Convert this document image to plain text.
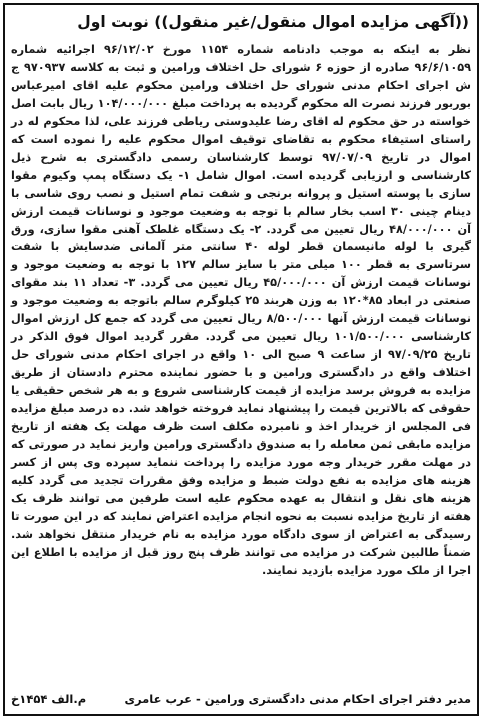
((آگهی مزایده اموال منقول/غیر منقول)) نوبت اول

نظر به اینکه به موجب دادنامه شماره ۱۱۵۴ مورخ ۹۶/۱۲/۰۲ اجرائیه شماره ۹۶/۶/۱۰۵۹ صادره از حوزه ۶ شورای حل اختلاف ورامین و ثبت به کلاسه ۹۷۰۹۳۷ ج ش اجرای احکام مدنی شورای حل اختلاف ورامین محکوم علیه اقای امیرعباس بوربور فرزند نصرت اله محکوم گردیده به پرداخت مبلغ ۱۰۴/۰۰۰/۰۰۰ ریال بابت اصل خواسته در حق محکوم له اقای رضا علیدوستی ریاطی فرزند علی، لذا محکوم له در راستای استیفاء محکوم به تقاضای توقیف اموال محکوم علیه را نموده است که اموال در تاریخ ۹۷/۰۷/۰۹ توسط کارشناسان رسمی دادگستری به شرح ذیل کارشناسی و ارزیابی گردیده است. اموال شامل ۱- یک دستگاه پمپ وکیوم مقوا سازی با پوسته استیل و پروانه برنجی و شفت تمام استیل و نصب روی شاسی با دینام چینی ۳۰ اسب بخار سالم با توجه به وضعیت موجود و نوسانات قیمت ارزش آن ۴۸/۰۰۰/۰۰۰ ریال تعیین می گردد. ۲- یک دستگاه غلطک آهنی مقوا سازی، ورق گیری با لوله مانیسمان قطر لوله ۴۰ سانتی متر آلمانی ضدسایش با شفت سرتاسری به قطر ۱۰۰ میلی متر با سایز سالم ۱۲۷ با توجه به وضعیت موجود و نوسانات قیمت ارزش آن ۴۵/۰۰۰/۰۰۰ ریال تعیین می گردد. ۳- تعداد ۱۱ بند مقوای صنعتی در ابعاد ۸۵*۱۲۰ به وزن هربند ۲۵ کیلوگرم سالم باتوجه به وضعیت موجود و نوسانات قیمت ارزش آنها ۸/۵۰۰/۰۰۰ ریال تعیین می گردد که جمع کل ارزش اموال کارشناسی ۱۰۱/۵۰۰/۰۰۰ ریال تعیین می گردد. مقرر گردید اموال فوق الذکر در تاریخ ۹۷/۰۹/۲۵ از ساعت ۹ صبح الی ۱۰ واقع در اجرای احکام مدنی شورای حل اختلاف واقع در دادگستری ورامین و با حضور نماینده محترم دادستان از طریق مزایده به فروش برسد مزایده از قیمت کارشناسی شروع و به هر شخص حقیقی یا حقوقی که بالاترین قیمت را پیشنهاد نماید فروخته خواهد شد. ده درصد مبلغ مزایده فی المجلس از خریدار اخذ و نامبرده مکلف است ظرف مهلت یک هفته از تاریخ مزایده مابقی ثمن معامله را به صندوق دادگستری ورامین واریز نماید در صورتی که در مهلت مقرر خریدار وجه مورد مزایده را پرداخت ننماید سپرده وی پس از کسر هزینه های مزایده به نفع دولت ضبط و مزایده وفق مقررات تجدید می گردد کلیه هزینه های نقل و انتقال به عهده محکوم علیه است طرفین می توانند ظرف یک هفته از تاریخ مزایده نسبت به نحوه انجام مزایده اعتراض نمایند که در این صورت تا رسیدگی به اعتراض از سوی دادگاه مورد مزایده به نام خریدار منتقل نخواهد شد. ضمناً طالبین شرکت در مزایده می توانند ظرف پنج روز قبل از مزایده با اطلاع این اجرا از ملک مورد مزایده بازدید نمایند.

مدیر دفتر اجرای احکام مدنی دادگستری ورامین - عرب عامری
م.الف ۱۴۵۴خ
